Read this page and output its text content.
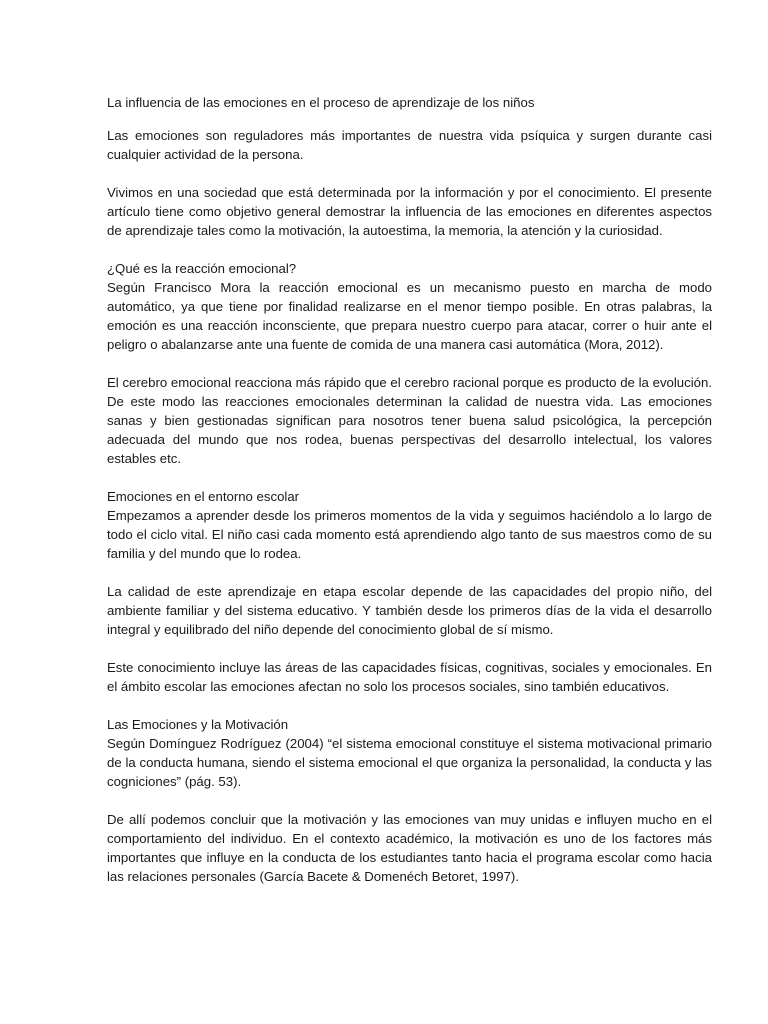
La influencia de las emociones en el proceso de aprendizaje de los niños

Las emociones son reguladores más importantes de nuestra vida psíquica y surgen durante casi cualquier actividad de la persona.

Vivimos en una sociedad que está determinada por la información y por el conocimiento. El presente artículo tiene como objetivo general demostrar la influencia de las emociones en diferentes aspectos de aprendizaje tales como la motivación, la autoestima, la memoria, la atención y la curiosidad.

¿Qué es la reacción emocional?

Según Francisco Mora la reacción emocional es un mecanismo puesto en marcha de modo automático, ya que tiene por finalidad realizarse en el menor tiempo posible. En otras palabras, la emoción es una reacción inconsciente, que prepara nuestro cuerpo para atacar, correr o huir ante el peligro o abalanzarse ante una fuente de comida de una manera casi automática (Mora, 2012).

El cerebro emocional reacciona más rápido que el cerebro racional porque es producto de la evolución. De este modo las reacciones emocionales determinan la calidad de nuestra vida. Las emociones sanas y bien gestionadas significan para nosotros tener buena salud psicológica, la percepción adecuada del mundo que nos rodea, buenas perspectivas del desarrollo intelectual, los valores estables etc.

Emociones en el entorno escolar

Empezamos a aprender desde los primeros momentos de la vida y seguimos haciéndolo a lo largo de todo el ciclo vital. El niño casi cada momento está aprendiendo algo tanto de sus maestros como de su familia y del mundo que lo rodea.

La calidad de este aprendizaje en etapa escolar depende de las capacidades del propio niño, del ambiente familiar y del sistema educativo. Y también desde los primeros días de la vida el desarrollo integral y equilibrado del niño depende del conocimiento global de sí mismo.

Este conocimiento incluye las áreas de las capacidades físicas, cognitivas, sociales y emocionales. En el ámbito escolar las emociones afectan no solo los procesos sociales, sino también educativos.

Las Emociones y la Motivación

Según Domínguez Rodríguez (2004) “el sistema emocional constituye el sistema motivacional primario de la conducta humana, siendo el sistema emocional el que organiza la personalidad, la conducta y las cogniciones” (pág. 53).

De allí podemos concluir que la motivación y las emociones van muy unidas e influyen mucho en el comportamiento del individuo. En el contexto académico, la motivación es uno de los factores más importantes que influye en la conducta de los estudiantes tanto hacia el programa escolar como hacia las relaciones personales (García Bacete & Domenéch Betoret, 1997).
